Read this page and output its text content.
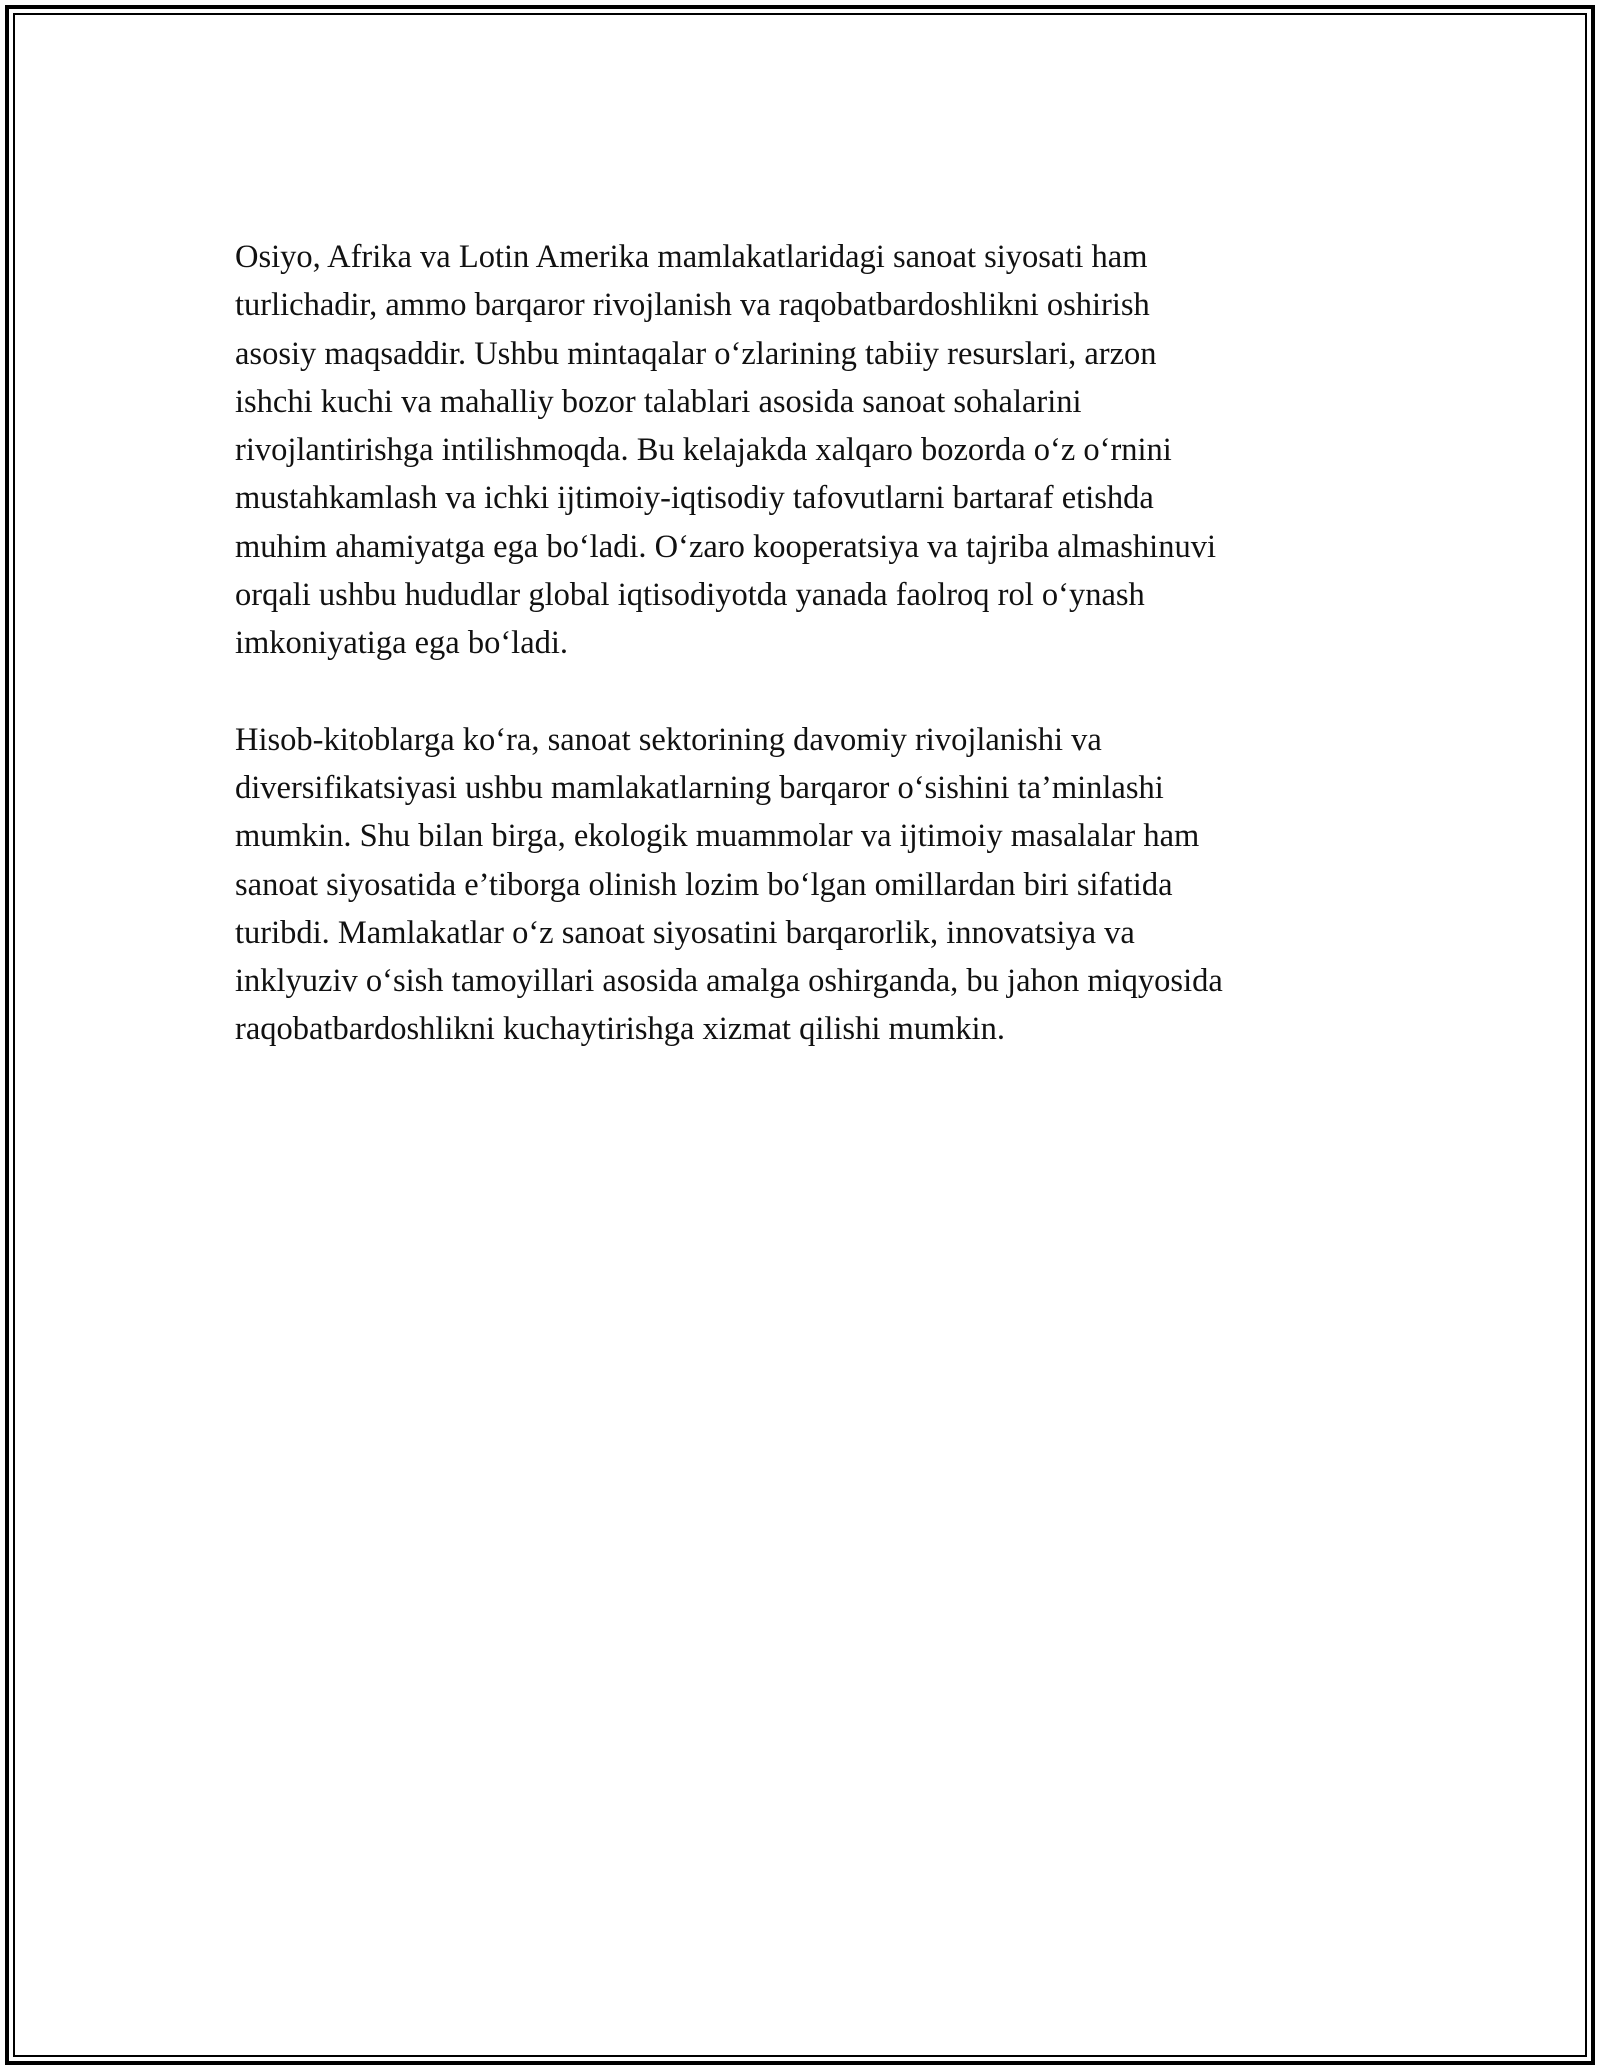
Osiyo, Afrika va Lotin Amerika mamlakatlaridagi sanoat siyosati ham
turlichadir, ammo barqaror rivojlanish va raqobatbardoshlikni oshirish
asosiy maqsaddir. Ushbu mintaqalar o‘zlarining tabiiy resurslari, arzon
ishchi kuchi va mahalliy bozor talablari asosida sanoat sohalarini
rivojlantirishga intilishmoqda. Bu kelajakda xalqaro bozorda o‘z o‘rnini
mustahkamlash va ichki ijtimoiy-iqtisodiy tafovutlarni bartaraf etishda
muhim ahamiyatga ega bo‘ladi. O‘zaro kooperatsiya va tajriba almashinuvi
orqali ushbu hududlar global iqtisodiyotda yanada faolroq rol o‘ynash
imkoniyatiga ega bo‘ladi.

Hisob-kitoblarga ko‘ra, sanoat sektorining davomiy rivojlanishi va
diversifikatsiyasi ushbu mamlakatlarning barqaror o‘sishini ta’minlashi
mumkin. Shu bilan birga, ekologik muammolar va ijtimoiy masalalar ham
sanoat siyosatida e’tiborga olinish lozim bo‘lgan omillardan biri sifatida
turibdi. Mamlakatlar o‘z sanoat siyosatini barqarorlik, innovatsiya va
inklyuziv o‘sish tamoyillari asosida amalga oshirganda, bu jahon miqyosida
raqobatbardoshlikni kuchaytirishga xizmat qilishi mumkin.
